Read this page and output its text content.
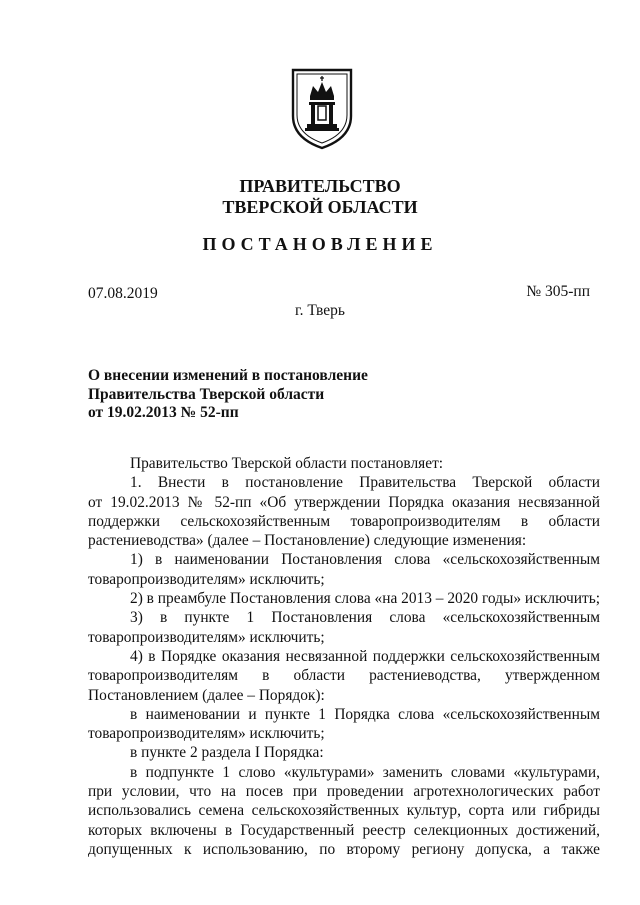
ПРАВИТЕЛЬСТВО
ТВЕРСКОЙ ОБЛАСТИ
ПОСТАНОВЛЕНИЕ
07.08.2019	№ 305-пп
г. Тверь
О внесении изменений в постановление
Правительства Тверской области
от 19.02.2013 № 52-пп
Правительство Тверской области постановляет:
1. Внести в постановление Правительства Тверской области
от 19.02.2013 № 52-пп «Об утверждении Порядка оказания несвязанной
поддержки сельскохозяйственным товаропроизводителям в области
растениеводства» (далее – Постановление) следующие изменения:
1) в наименовании Постановления слова «сельскохозяйственным
товаропроизводителям» исключить;
2) в преамбуле Постановления слова «на 2013 – 2020 годы» исключить;
3) в пункте 1 Постановления слова «сельскохозяйственным
товаропроизводителям» исключить;
4) в Порядке оказания несвязанной поддержки сельскохозяйственным
товаропроизводителям в области растениеводства, утвержденном
Постановлением (далее – Порядок):
в наименовании и пункте 1 Порядка слова «сельскохозяйственным
товаропроизводителям» исключить;
в пункте 2 раздела I Порядка:
в подпункте 1 слово «культурами» заменить словами «культурами,
при условии, что на посев при проведении агротехнологических работ
использовались семена сельскохозяйственных культур, сорта или гибриды
которых включены в Государственный реестр селекционных достижений,
допущенных к использованию, по второму региону допуска, а также
